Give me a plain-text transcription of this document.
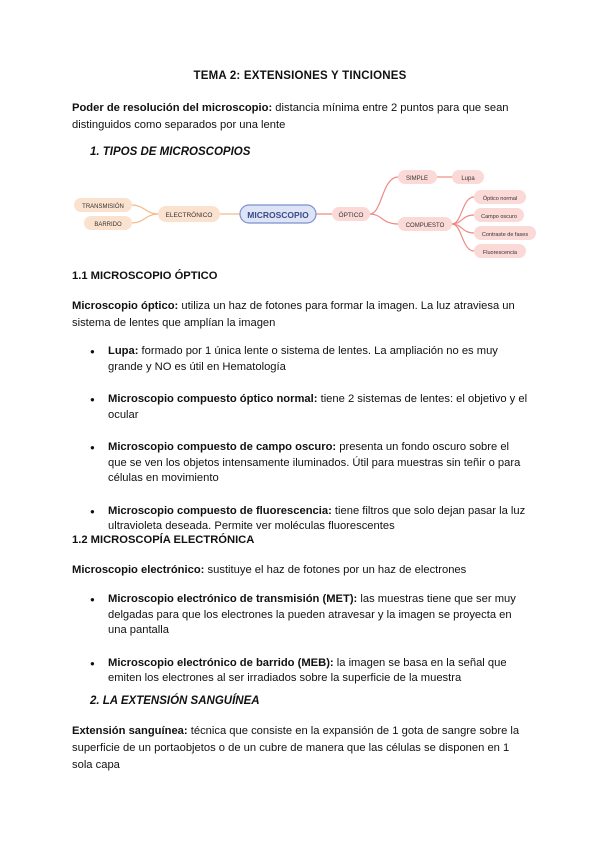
TEMA 2: EXTENSIONES Y TINCIONES
Poder de resolución del microscopio: distancia mínima entre 2 puntos para que sean distinguidos como separados por una lente
1. TIPOS DE MICROSCOPIOS
TRANSMISIÓN
BARRIDO
ELECTRÓNICO	MICROSCOPIO	ÓPTICO
SIMPLE	Lupa
COMPUESTO
Óptico normal
Campo oscuro
Contraste de fases
Fluorescencia
1.1 MICROSCOPIO ÓPTICO
Microscopio óptico: utiliza un haz de fotones para formar la imagen. La luz atraviesa un sistema de lentes que amplían la imagen
● Lupa: formado por 1 única lente o sistema de lentes. La ampliación no es muy grande y NO es útil en Hematología
● Microscopio compuesto óptico normal: tiene 2 sistemas de lentes: el objetivo y el ocular
● Microscopio compuesto de campo oscuro: presenta un fondo oscuro sobre el que se ven los objetos intensamente iluminados. Útil para muestras sin teñir o para células en movimiento
● Microscopio compuesto de fluorescencia: tiene filtros que solo dejan pasar la luz ultravioleta deseada. Permite ver moléculas fluorescentes
1.2 MICROSCOPÍA ELECTRÓNICA
Microscopio electrónico: sustituye el haz de fotones por un haz de electrones
● Microscopio electrónico de transmisión (MET): las muestras tiene que ser muy delgadas para que los electrones la pueden atravesar y la imagen se proyecta en una pantalla
● Microscopio electrónico de barrido (MEB): la imagen se basa en la señal que emiten los electrones al ser irradiados sobre la superficie de la muestra
2. LA EXTENSIÓN SANGUÍNEA
Extensión sanguínea: técnica que consiste en la expansión de 1 gota de sangre sobre la superficie de un portaobjetos o de un cubre de manera que las células se disponen en 1 sola capa
